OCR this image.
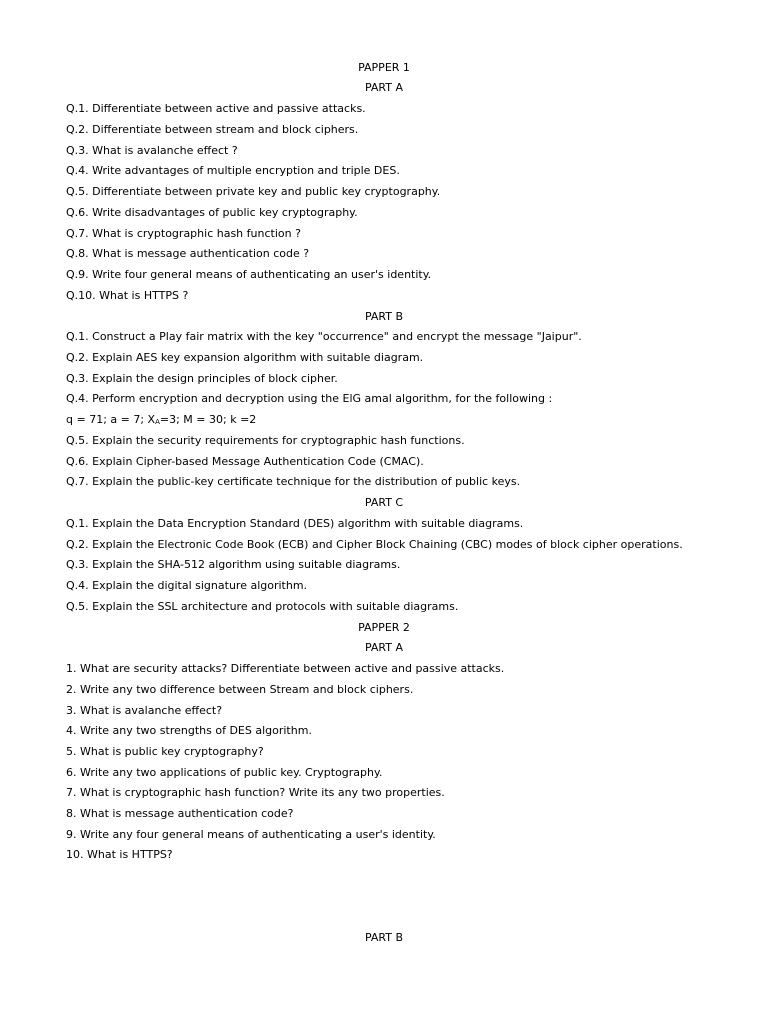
PAPPER 1
PART A
Q.1. Differentiate between active and passive attacks.
Q.2. Differentiate between stream and block ciphers.
Q.3. What is avalanche effect ?
Q.4. Write advantages of multiple encryption and triple DES.
Q.5. Differentiate between private key and public key cryptography.
Q.6. Write disadvantages of public key cryptography.
Q.7. What is cryptographic hash function ?
Q.8. What is message authentication code ?
Q.9. Write four general means of authenticating an user's identity.
Q.10. What is HTTPS ?
PART B
Q.1. Construct a Play fair matrix with the key "occurrence" and encrypt the message "Jaipur".
Q.2. Explain AES key expansion algorithm with suitable diagram.
Q.3. Explain the design principles of block cipher.
Q.4. Perform encryption and decryption using the ElG amal algorithm, for the following :
q = 71; a = 7; XA=3; M = 30; k =2
Q.5. Explain the security requirements for cryptographic hash functions.
Q.6. Explain Cipher-based Message Authentication Code (CMAC).
Q.7. Explain the public-key certificate technique for the distribution of public keys.
PART C
Q.1. Explain the Data Encryption Standard (DES) algorithm with suitable diagrams.
Q.2. Explain the Electronic Code Book (ECB) and Cipher Block Chaining (CBC) modes of block cipher operations.
Q.3. Explain the SHA-512 algorithm using suitable diagrams.
Q.4. Explain the digital signature algorithm.
Q.5. Explain the SSL architecture and protocols with suitable diagrams.
PAPPER 2
PART A
1. What are security attacks? Differentiate between active and passive attacks.
2. Write any two difference between Stream and block ciphers.
3. What is avalanche effect?
4. Write any two strengths of DES algorithm.
5. What is public key cryptography?
6. Write any two applications of public key. Cryptography.
7. What is cryptographic hash function? Write its any two properties.
8. What is message authentication code?
9. Write any four general means of authenticating a user's identity.
10. What is HTTPS?
PART B
